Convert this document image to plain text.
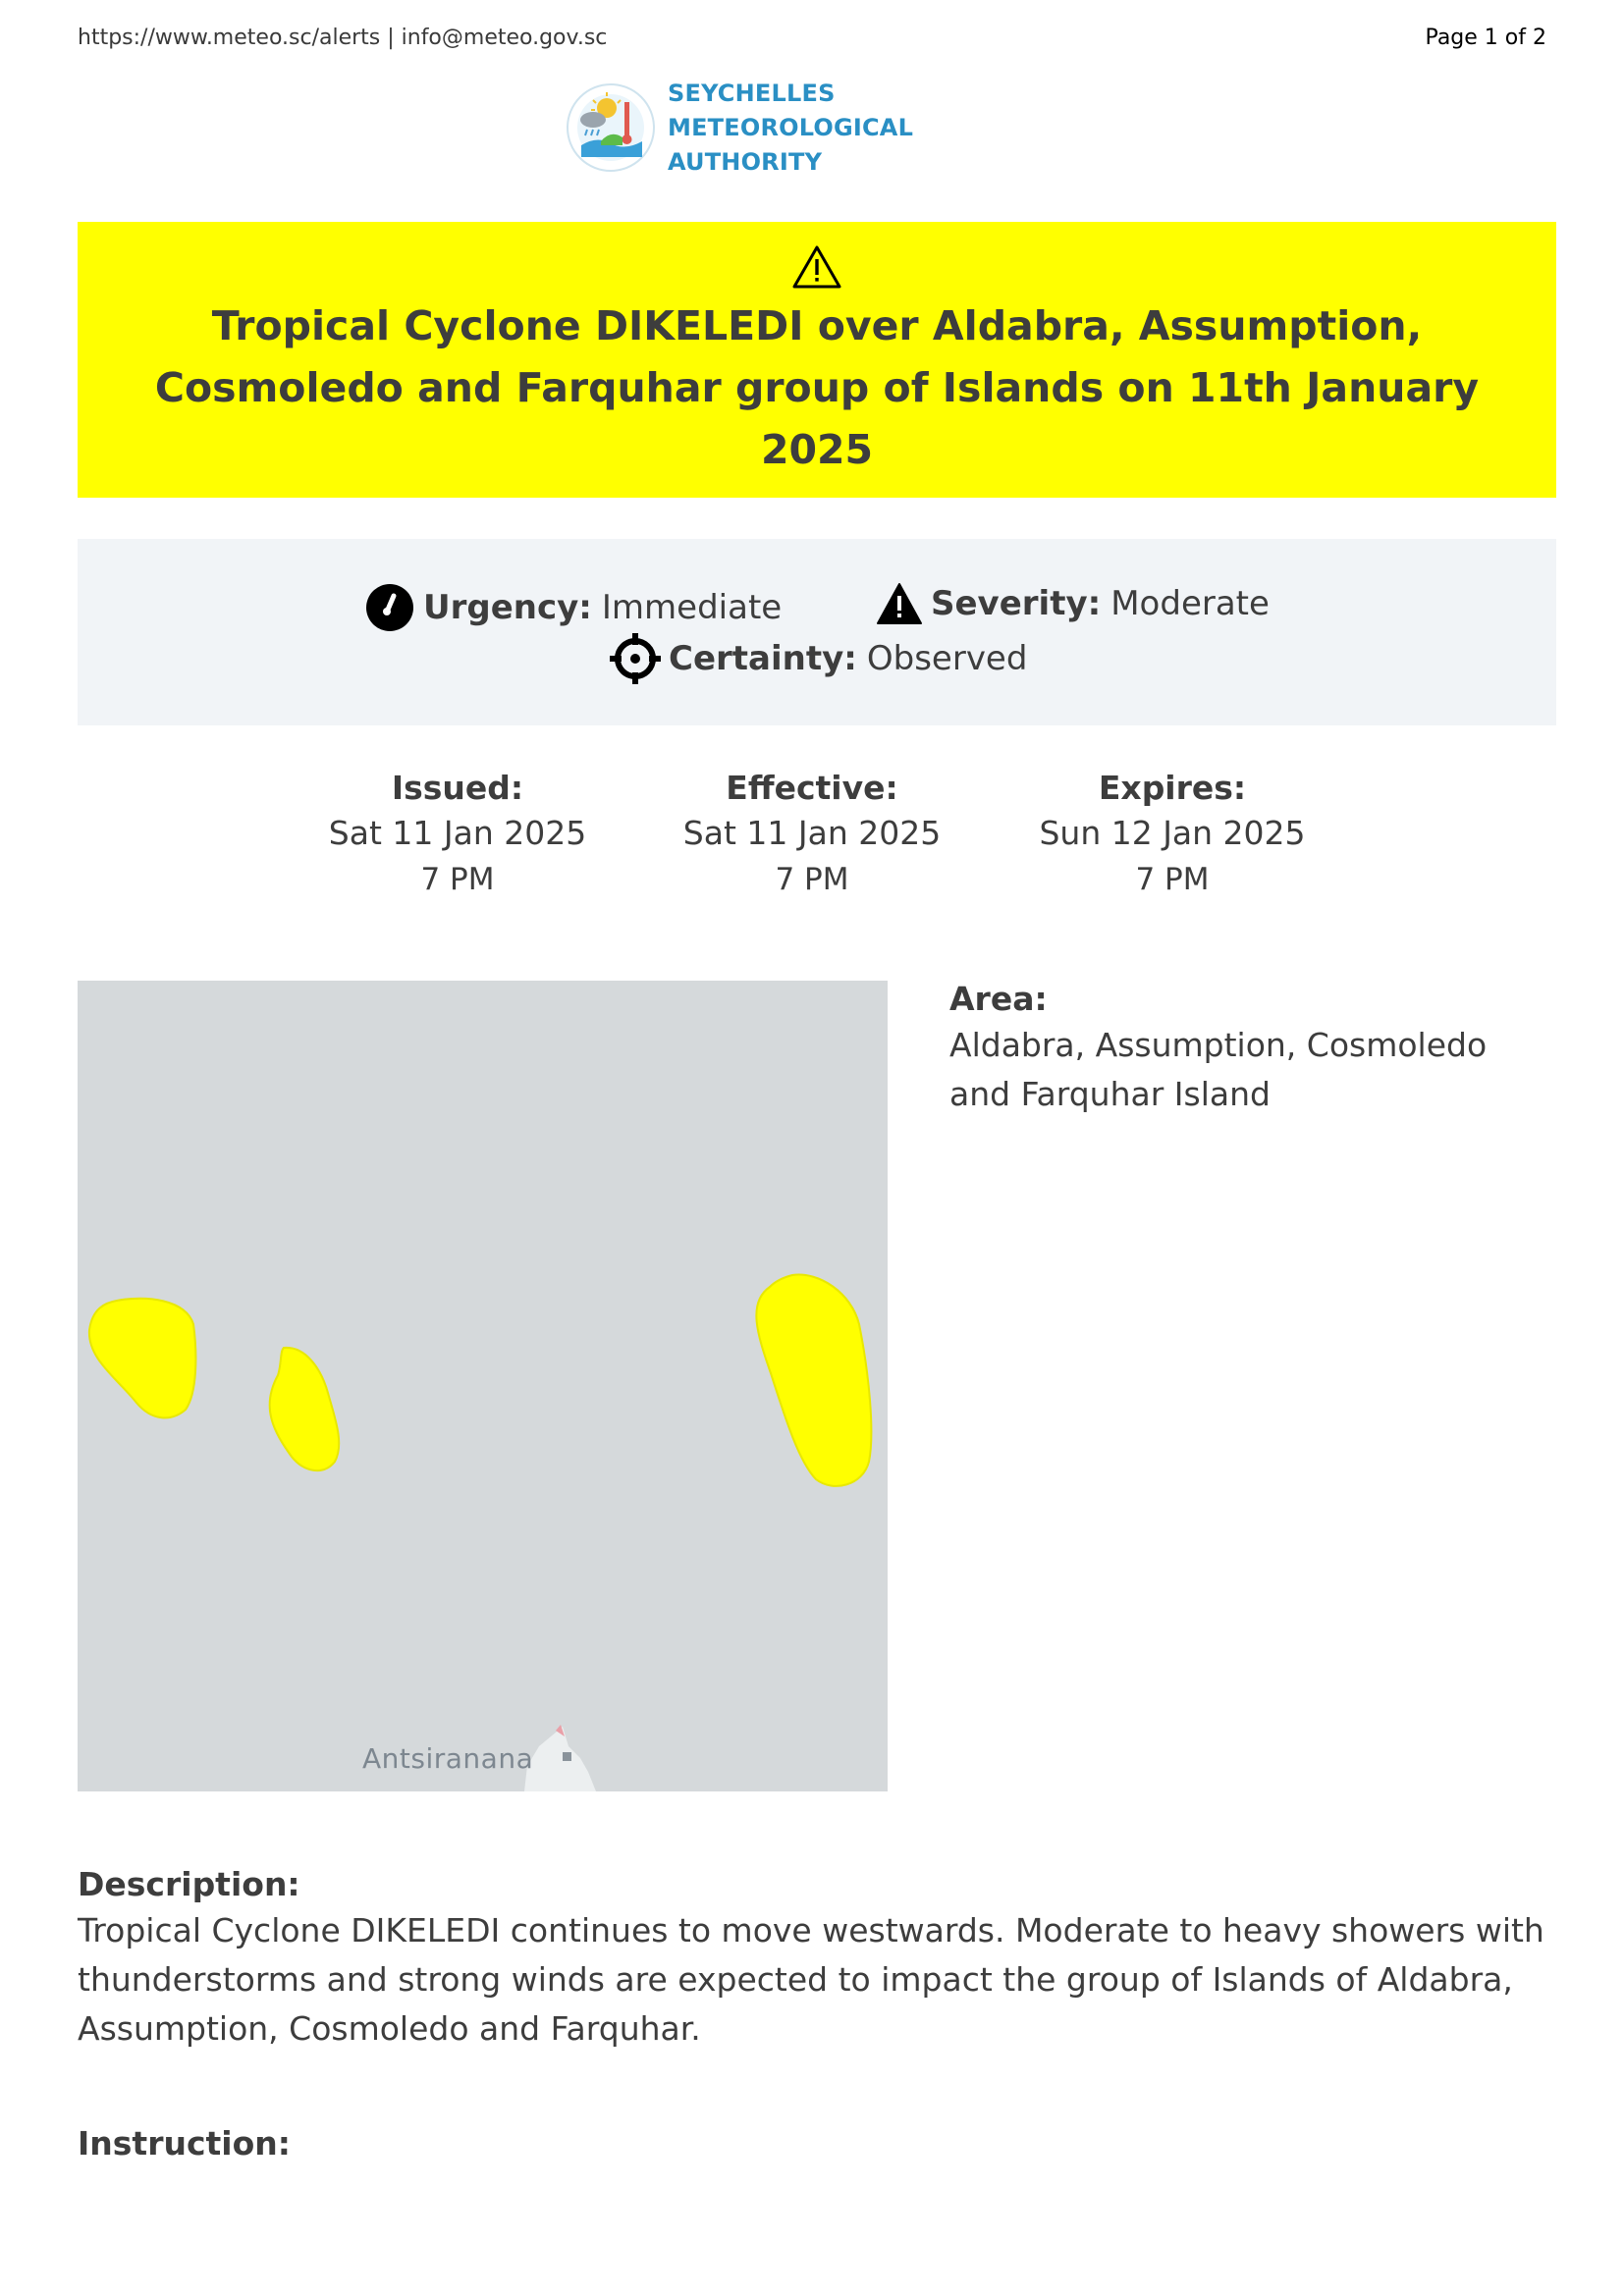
https://www.meteo.sc/alerts | info@meteo.gov.sc	Page 1 of 2
SEYCHELLES METEOROLOGICAL
AUTHORITY
Tropical Cyclone DIKELEDI over Aldabra, Assumption, Cosmoledo and Farquhar group of Islands on 11th January 2025
Urgency: Immediate	Severity: Moderate
Certainty: Observed
Issued:
Sat 11 Jan 2025
7 PM
Effective:
Sat 11 Jan 2025
7 PM
Expires:
Sun 12 Jan 2025
7 PM
Antsiranana
Area:
Aldabra, Assumption, Cosmoledo and Farquhar Island
Description:
Tropical Cyclone DIKELEDI continues to move westwards. Moderate to heavy showers with thunderstorms and strong winds are expected to impact the group of Islands of Aldabra, Assumption, Cosmoledo and Farquhar.
Instruction:
